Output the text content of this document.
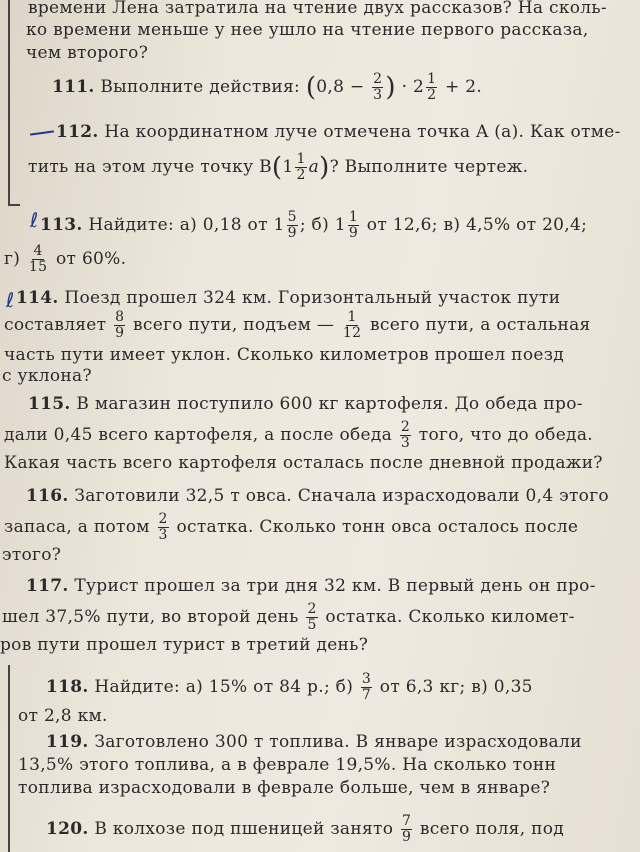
времени Лена затратила на чтение двух рассказов? На сколь-
ко времени меньше у нее ушло на чтение первого рассказа,
чем второго?
111. Выполните действия: ($0,8 - \frac{2}{3}$ ) · $2 \frac{1}{2} + 2$.
112. На координатном луче отмечена точка A (a). Как отме-
тить на этом луче точку $B(1 \frac{1}{2} a)$? Выполните чертеж.
ℓ 113. Найдите: а) 0,18 от $1 \frac{5}{9}$ ; б) $1 \frac{1}{9}$ от 12,6; в) 4,5% от 20,4;
$г) \frac{4}{15}$ от 60%.
ℓ 114. Поезд прошел 324 км. Горизонтальный участок пути
составляет $\frac{8}{9}$ всего пути, подъем — $\frac{1}{12}$ всего пути, а остальная
часть пути имеет уклон. Сколько километров прошел поезд
с уклона?
115. В магазин поступило 600 кг картофеля. До обеда про-
дали 0,45 всего картофеля, а после обеда $\frac{2}{3}$ того, что до обеда.
Какая часть всего картофеля осталась после дневной продажи?
116. Заготовили 32,5 т овса. Сначала израсходовали 0,4 этого
запаса, а потом $\frac{2}{3}$ остатка. Сколько тонн овса осталось после
этого?
117. Турист прошел за три дня 32 км. В первый день он про-
шел 37,5% пути, во второй день $\frac{2}{5}$ остатка. Сколько километ-
ров пути прошел турист в третий день?
118. Найдите: а) 15% от 84 р.; $б) \frac{3}{7}$ от 6,3 кг; в) 0,35
от 2,8 км.
119. Заготовлено 300 т топлива. В январе израсходовали
13,5% этого топлива, а в феврале 19,5%. На сколько тонн
топлива израсходовали в феврале больше, чем в январе?
120. В колхозе под пшеницей занято $\frac{7}{9}$ всего поля, под
